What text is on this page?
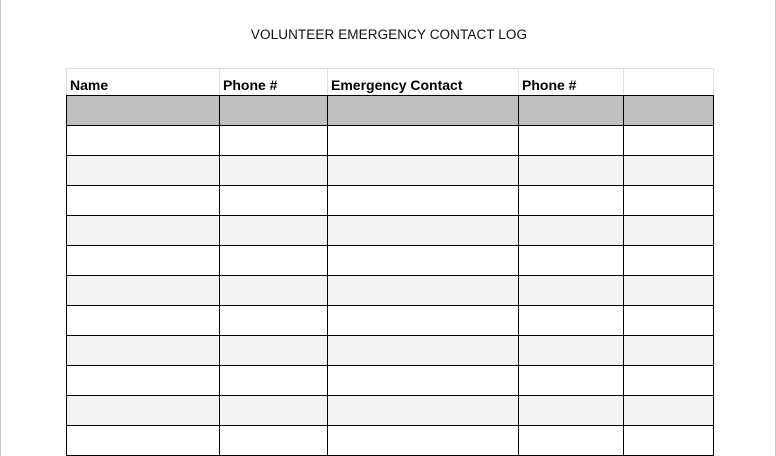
VOLUNTEER EMERGENCY CONTACT LOG
Name	Phone #	Emergency Contact	Phone #	
